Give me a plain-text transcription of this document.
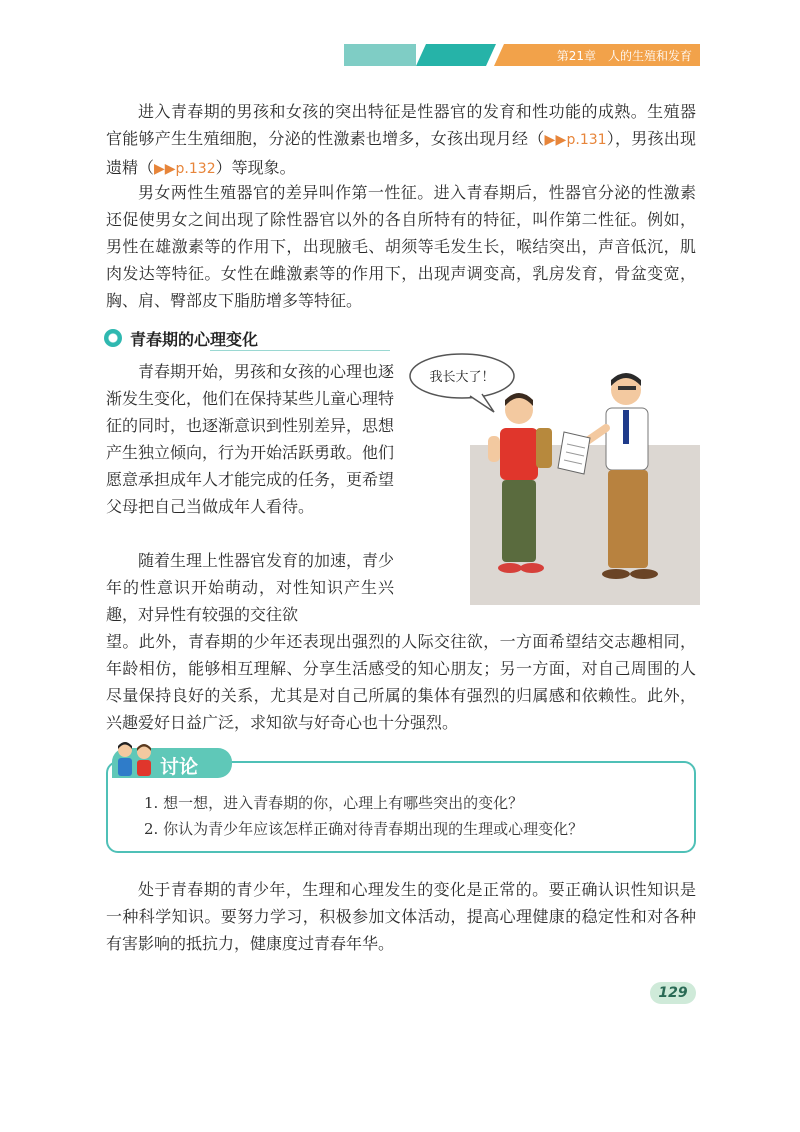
第21章　人的生殖和发育

进入青春期的男孩和女孩的突出特征是性器官的发育和性功能的成熟。生殖器官能够产生生殖细胞，分泌的性激素也增多，女孩出现月经（▶▶p.131），男孩出现遗精（▶▶p.132）等现象。

男女两性生殖器官的差异叫作第一性征。进入青春期后，性器官分泌的性激素还促使男女之间出现了除性器官以外的各自所特有的特征，叫作第二性征。例如，男性在雄激素等的作用下，出现腋毛、胡须等毛发生长，喉结突出，声音低沉，肌肉发达等特征。女性在雌激素等的作用下，出现声调变高，乳房发育，骨盆变宽，胸、肩、臀部皮下脂肪增多等特征。

青春期的心理变化

青春期开始，男孩和女孩的心理也逐渐发生变化，他们在保持某些儿童心理特征的同时，也逐渐意识到性别差异，思想产生独立倾向，行为开始活跃勇敢。他们愿意承担成年人才能完成的任务，更希望父母把自己当做成年人看待。

随着生理上性器官发育的加速，青少年的性意识开始萌动，对性知识产生兴趣，对异性有较强的交往欲

望。此外，青春期的少年还表现出强烈的人际交往欲，一方面希望结交志趣相同，年龄相仿，能够相互理解、分享生活感受的知心朋友；另一方面，对自己周围的人尽量保持良好的关系，尤其是对自己所属的集体有强烈的归属感和依赖性。此外，兴趣爱好日益广泛，求知欲与好奇心也十分强烈。

我长大了！
讨论
1. 想一想，进入青春期的你，心理上有哪些突出的变化？
2. 你认为青少年应该怎样正确对待青春期出现的生理或心理变化？

处于青春期的青少年，生理和心理发生的变化是正常的。要正确认识性知识是一种科学知识。要努力学习，积极参加文体活动，提高心理健康的稳定性和对各种有害影响的抵抗力，健康度过青春年华。

129
